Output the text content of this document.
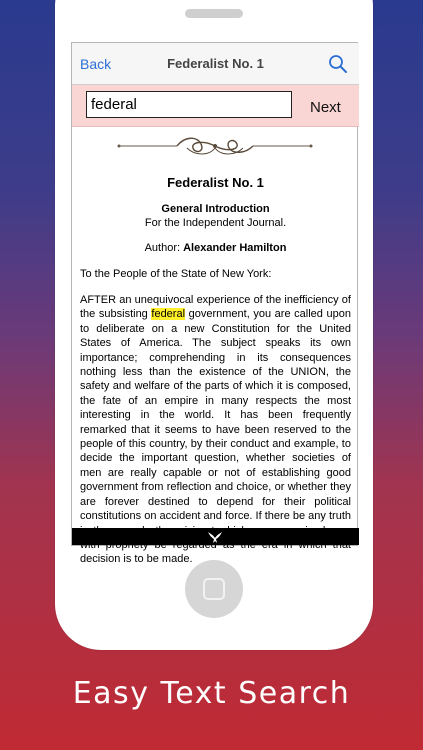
Back	Federalist No. 1
federal
Next
Federalist No. 1
General Introduction
For the Independent Journal.
Author: Alexander Hamilton
To the People of the State of New York:
AFTER an unequivocal experience of the inefficiency of the subsisting federal government, you are called upon to deliberate on a new Constitution for the United States of America. The subject speaks its own importance; comprehending in its consequences nothing less than the existence of the UNION, the safety and welfare of the parts of which it is composed, the fate of an empire in many respects the most interesting in the world. It has been frequently remarked that it seems to have been reserved to the people of this country, by their conduct and example, to decide the important question, whether societies of men are really capable or not of establishing good government from reflection and choice, or whether they are forever destined to depend for their political constitutions on accident and force. If there be any truth decision is to be made.
Easy Text Search
